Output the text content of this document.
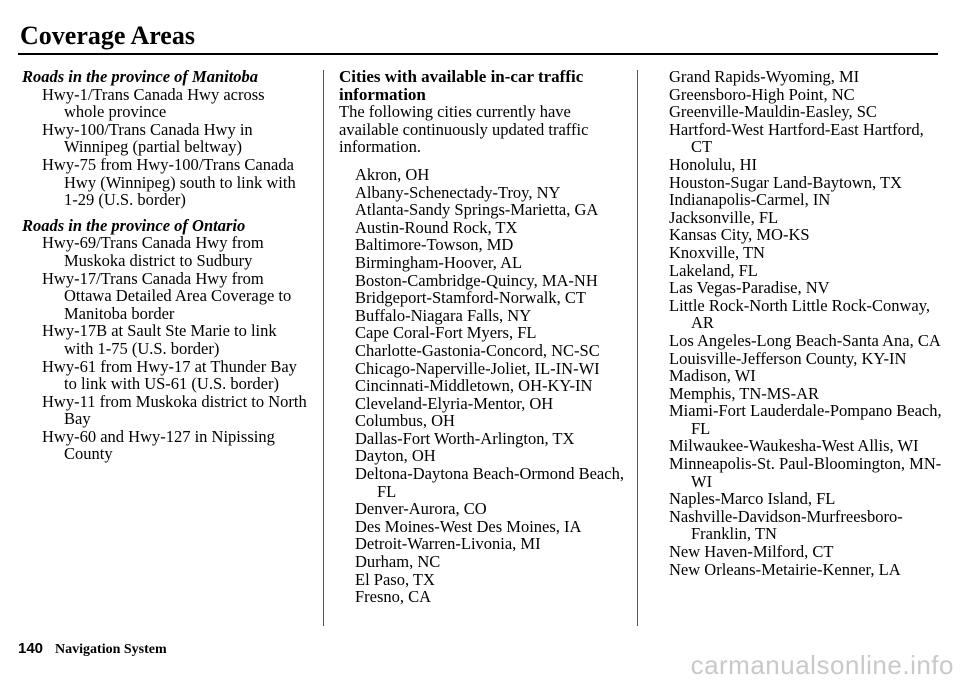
Coverage Areas
Roads in the province of Manitoba
Hwy-1/Trans Canada Hwy across whole province
Hwy-100/Trans Canada Hwy in Winnipeg (partial beltway)
Hwy-75 from Hwy-100/Trans Canada Hwy (Winnipeg) south to link with 1-29 (U.S. border)
Roads in the province of Ontario
Hwy-69/Trans Canada Hwy from Muskoka district to Sudbury
Hwy-17/Trans Canada Hwy from Ottawa Detailed Area Coverage to Manitoba border
Hwy-17B at Sault Ste Marie to link with 1-75 (U.S. border)
Hwy-61 from Hwy-17 at Thunder Bay to link with US-61 (U.S. border)
Hwy-11 from Muskoka district to North Bay
Hwy-60 and Hwy-127 in Nipissing County
Cities with available in-car traffic information
The following cities currently have available continuously updated traffic information.
Akron, OH
Albany-Schenectady-Troy, NY
Atlanta-Sandy Springs-Marietta, GA
Austin-Round Rock, TX
Baltimore-Towson, MD
Birmingham-Hoover, AL
Boston-Cambridge-Quincy, MA-NH
Bridgeport-Stamford-Norwalk, CT
Buffalo-Niagara Falls, NY
Cape Coral-Fort Myers, FL
Charlotte-Gastonia-Concord, NC-SC
Chicago-Naperville-Joliet, IL-IN-WI
Cincinnati-Middletown, OH-KY-IN
Cleveland-Elyria-Mentor, OH
Columbus, OH
Dallas-Fort Worth-Arlington, TX
Dayton, OH
Deltona-Daytona Beach-Ormond Beach, FL
Denver-Aurora, CO
Des Moines-West Des Moines, IA
Detroit-Warren-Livonia, MI
Durham, NC
El Paso, TX
Fresno, CA
Grand Rapids-Wyoming, MI
Greensboro-High Point, NC
Greenville-Mauldin-Easley, SC
Hartford-West Hartford-East Hartford, CT
Honolulu, HI
Houston-Sugar Land-Baytown, TX
Indianapolis-Carmel, IN
Jacksonville, FL
Kansas City, MO-KS
Knoxville, TN
Lakeland, FL
Las Vegas-Paradise, NV
Little Rock-North Little Rock-Conway, AR
Los Angeles-Long Beach-Santa Ana, CA
Louisville-Jefferson County, KY-IN
Madison, WI
Memphis, TN-MS-AR
Miami-Fort Lauderdale-Pompano Beach, FL
Milwaukee-Waukesha-West Allis, WI
Minneapolis-St. Paul-Bloomington, MN-WI
Naples-Marco Island, FL
Nashville-Davidson-Murfreesboro-Franklin, TN
New Haven-Milford, CT
New Orleans-Metairie-Kenner, LA
140 Navigation System
carmanualsonline.info
